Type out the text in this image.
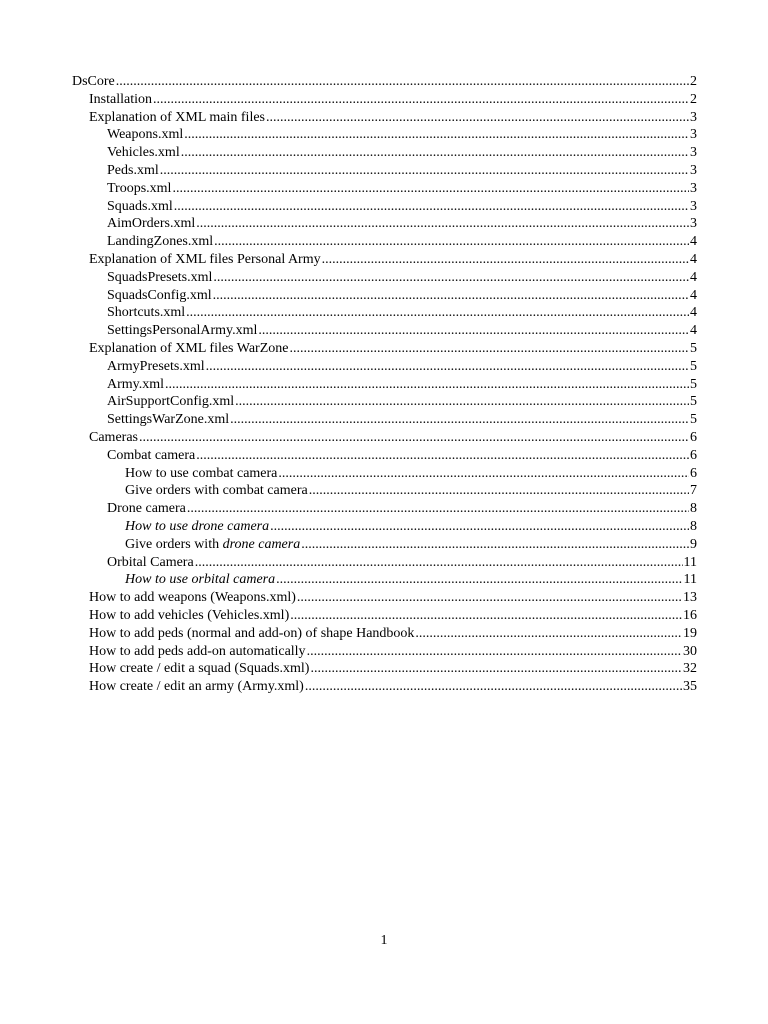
DsCore .....	2
Installation .....	2
Explanation of XML main files .....	3
Weapons.xml .....	3
Vehicles.xml .....	3
Peds.xml .....	3
Troops.xml .....	3
Squads.xml .....	3
AimOrders.xml .....	3
LandingZones.xml .....	4
Explanation of XML files Personal Army .....	4
SquadsPresets.xml .....	4
SquadsConfig.xml .....	4
Shortcuts.xml .....	4
SettingsPersonalArmy.xml .....	4
Explanation of XML files WarZone .....	5
ArmyPresets.xml .....	5
Army.xml .....	5
AirSupportConfig.xml .....	5
SettingsWarZone.xml .....	5
Cameras .....	6
Combat camera .....	6
How to use combat camera .....	6
Give orders with combat camera .....	7
Drone camera .....	8
How to use drone camera .....	8
Give orders with drone camera .....	9
Orbital Camera .....	11
How to use orbital camera .....	11
How to add weapons (Weapons.xml) .....	13
How to add vehicles (Vehicles.xml) .....	16
How to add peds (normal and add-on) of shape Handbook .....	19
How to add peds add-on automatically .....	30
How create / edit a squad (Squads.xml) .....	32
How create / edit an army (Army.xml) .....	35
1
